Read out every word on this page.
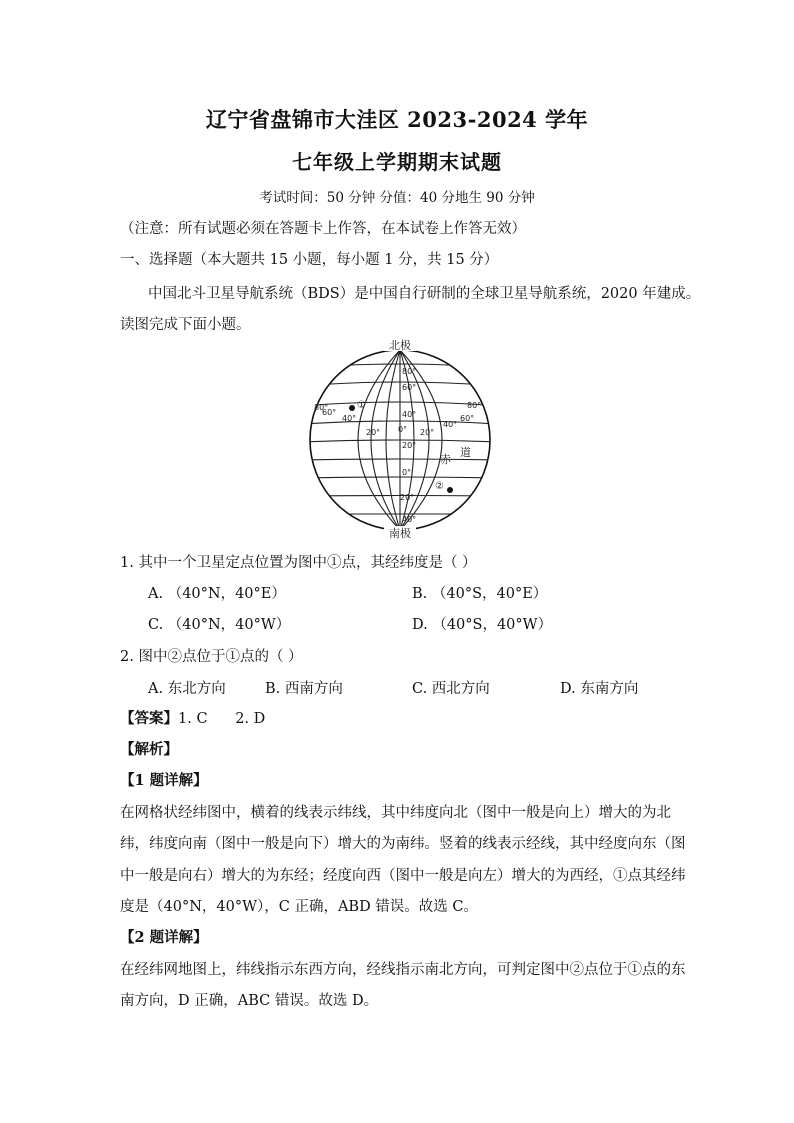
辽宁省盘锦市大洼区 2023-2024 学年
七年级上学期期末试题
考试时间：50 分钟 分值：40 分地生 90 分钟
（注意：所有试题必须在答题卡上作答，在本试卷上作答无效）
一、选择题（本大题共 15 小题，每小题 1 分，共 15 分）
中国北斗卫星导航系统（BDS）是中国自行研制的全球卫星导航系统，2020 年建成。
读图完成下面小题。
北极
南极
80°
60°
40°
20°
0°
20°
40°
0°
80°
60°
40°
20°	20°
40°
60°
80°
赤
道
①
②
1. 其中一个卫星定点位置为图中①点，其经纬度是（ ）
A. （40°N，40°E）	B. （40°S，40°E）
C. （40°N，40°W）	D. （40°S，40°W）
2. 图中②点位于①点的（ ）
A. 东北方向	B. 西南方向	C. 西北方向	D. 东南方向
【答案】1. C      2. D
【解析】
【1 题详解】
在网格状经纬图中，横着的线表示纬线，其中纬度向北（图中一般是向上）增大的为北
纬，纬度向南（图中一般是向下）增大的为南纬。竖着的线表示经线，其中经度向东（图
中一般是向右）增大的为东经；经度向西（图中一般是向左）增大的为西经，①点其经纬
度是（40°N，40°W），C 正确，ABD 错误。故选 C。
【2 题详解】
在经纬网地图上，纬线指示东西方向，经线指示南北方向，可判定图中②点位于①点的东
南方向，D 正确，ABC 错误。故选 D。
